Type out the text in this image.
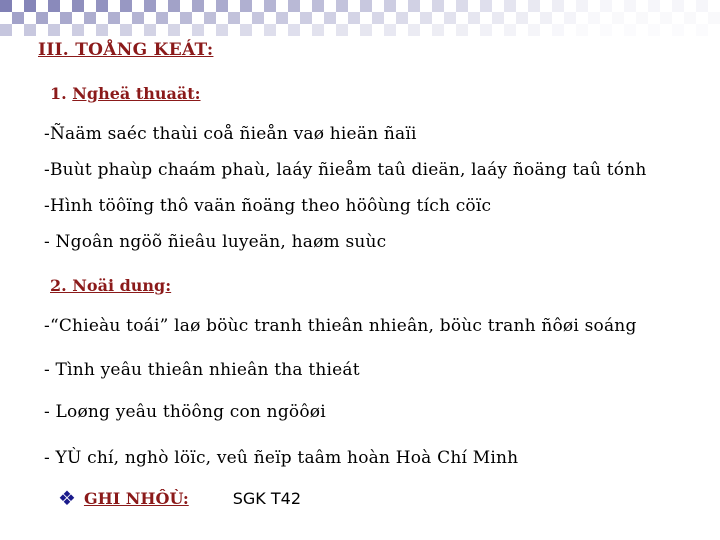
III. TOÅNG KEÁT:
1. Ngheä thuaät:
-Ñaäm saéc thaùi coå ñieån vaø hieän ñaïi
-Buùt phaùp chaám phaù, laáy ñieåm taû dieän, laáy ñoäng taû tónh
-Hình töôïng thô vaän ñoäng theo höôùng tích cöïc
- Ngoân ngöõ ñieâu luyeän, haøm suùc
2. Noäi dung:
-“Chieàu toái” laø böùc tranh thieân nhieân, böùc tranh ñôøi soáng
- Tình yeâu thieân nhieân tha thieát
- Loøng yeâu thöông con ngöôøi
- YÙ chí, nghò löïc, veû ñeïp taâm hoàn Hoà Chí Minh
❖ GHI NHÔÙ:	SGK T42
